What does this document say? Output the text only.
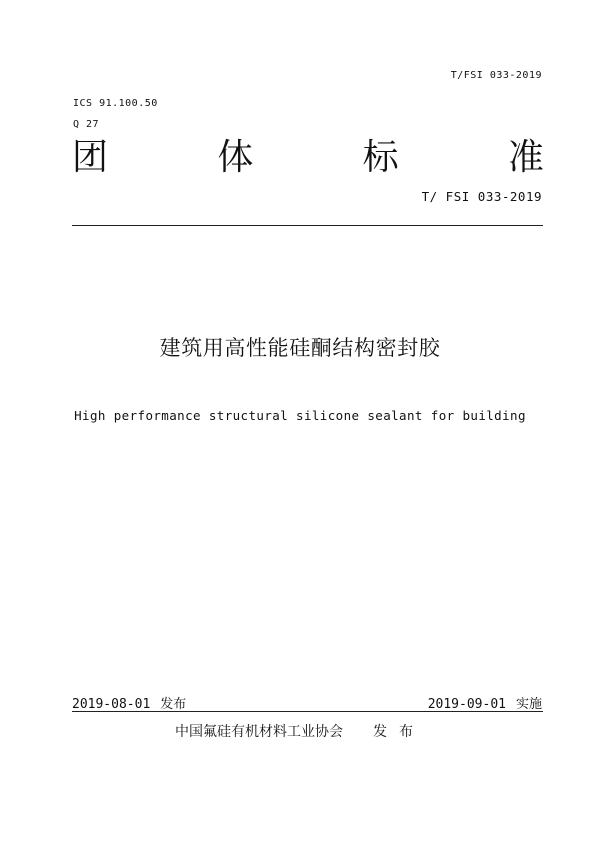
T/FSI 033-2019
ICS 91.100.50
Q 27
团	体	标	准
T/ FSI 033-2019
建筑用高性能硅酮结构密封胶
High performance structural silicone sealant for building
2019-08-01 发布	2019-09-01 实施
中国氟硅有机材料工业协会 发布
